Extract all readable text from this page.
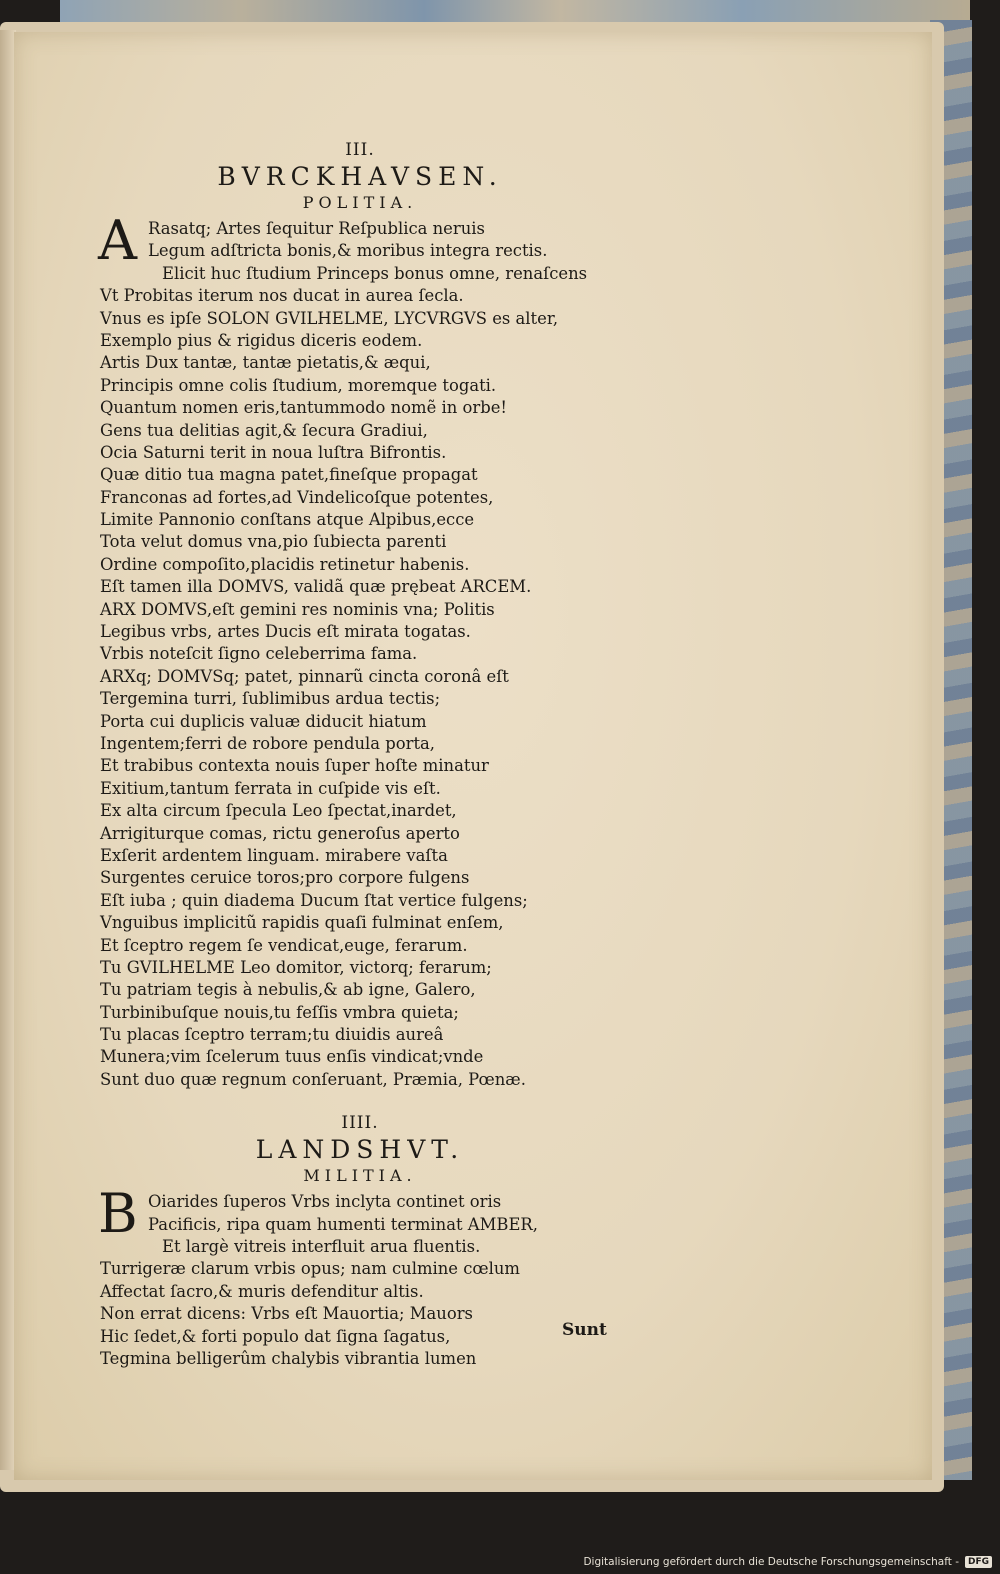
III.
BVRCKHAVSEN.
POLITIA.
A Rasatq; Artes ſequitur Reſpublica neruis
Legum adſtricta bonis,& moribus integra rectis.
Elicit huc ſtudium Princeps bonus omne, renaſcens
Vt Probitas iterum nos ducat in aurea ſecla.
Vnus es ipſe SOLON GVILHELME, LYCVRGVS es alter,
Exemplo pius & rigidus diceris eodem.
Artis Dux tantæ, tantæ pietatis,& æqui,
Principis omne colis ſtudium, moremque togati.
Quantum nomen eris,tantummodo nomẽ in orbe!
Gens tua delitias agit,& ſecura Gradiui,
Ocia Saturni terit in noua luſtra Bifrontis.
Quæ ditio tua magna patet,fineſque propagat
Franconas ad fortes,ad Vindelicoſque potentes,
Limite Pannonio conſtans atque Alpibus,ecce
Tota velut domus vna,pio ſubiecta parenti
Ordine compoſito,placidis retinetur habenis.
Eſt tamen illa DOMVS, validã quæ prębeat ARCEM.
ARX DOMVS,eſt gemini res nominis vna; Politis
Legibus vrbs, artes Ducis eſt mirata togatas.
Vrbis noteſcit ſigno celeberrima fama.
ARXq; DOMVSq; patet, pinnarũ cincta coronâ eſt
Tergemina turri, ſublimibus ardua tectis;
Porta cui duplicis valuæ diducit hiatum
Ingentem;ferri de robore pendula porta,
Et trabibus contexta nouis ſuper hoſte minatur
Exitium,tantum ferrata in cuſpide vis eſt.
Ex alta circum ſpecula Leo ſpectat,inardet,
Arrigiturque comas, rictu generoſus aperto
Exſerit ardentem linguam. mirabere vaſta
Surgentes ceruice toros;pro corpore fulgens
Eſt iuba ; quin diadema Ducum ſtat vertice fulgens;
Vnguibus implicitũ rapidis quaſi fulminat enſem,
Et ſceptro regem ſe vendicat,euge, ferarum.
Tu GVILHELME Leo domitor, victorq; ferarum;
Tu patriam tegis à nebulis,& ab igne, Galero,
Turbinibuſque nouis,tu feſſis vmbra quieta;
Tu placas ſceptro terram;tu diuidis aureâ
Munera;vim ſcelerum tuus enſis vindicat;vnde
Sunt duo quæ regnum conſeruant, Præmia, Pœnæ.
IIII.
LANDSHVT.
MILITIA.
B Oiarides ſuperos Vrbs inclyta continet oris
Pacificis, ripa quam humenti terminat AMBER,
Et largè vitreis interfluit arua fluentis.
Turrigeræ clarum vrbis opus; nam culmine cœlum
Affectat ſacro,& muris defenditur altis.
Non errat dicens: Vrbs eſt Mauortia; Mauors
Hic ſedet,& forti populo dat ſigna ſagatus,
Tegmina belligerûm chalybis vibrantia lumen
Sunt
Digitalisierung gefördert durch die Deutsche Forschungsgemeinschaft -	DFG
